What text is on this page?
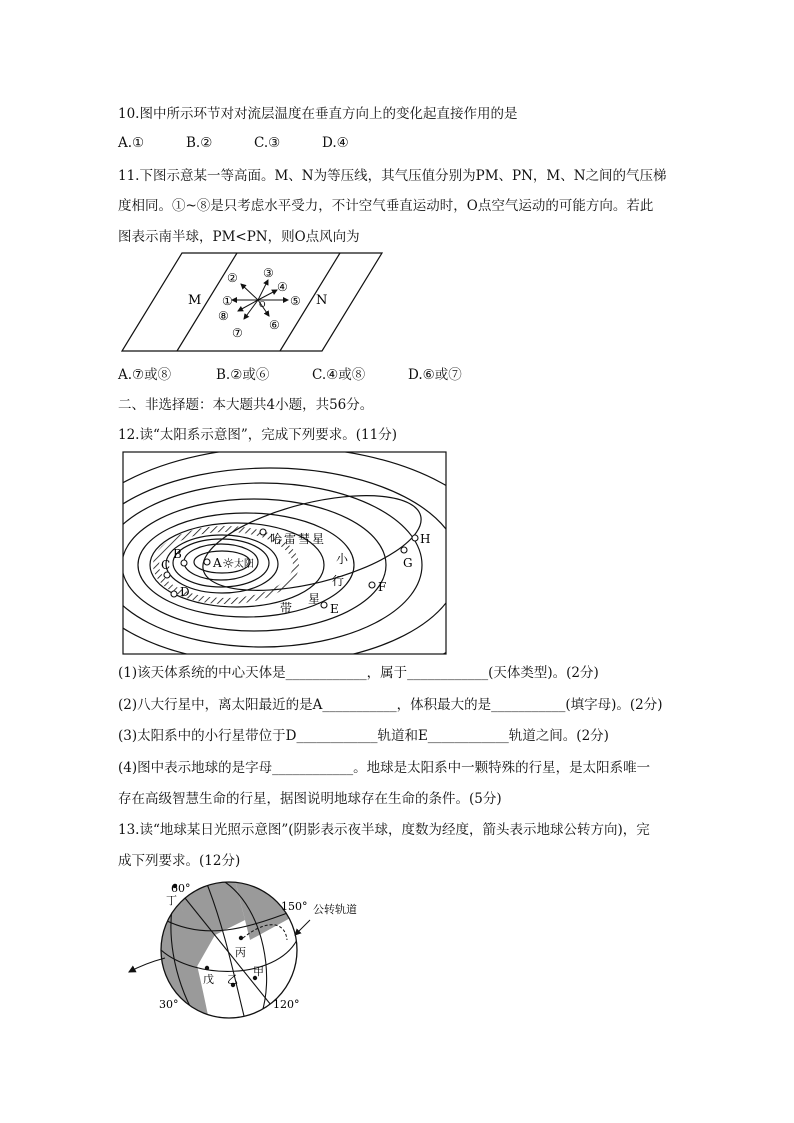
10.图中所示环节对对流层温度在垂直方向上的变化起直接作用的是
A.①	B.②	C.③	D.④
11.下图示意某一等高面。M、N为等压线，其气压值分别为PM、PN，M、N之间的气压梯
度相同。①~⑧是只考虑水平受力，不计空气垂直运动时，O点空气运动的可能方向。若此
图表示南半球，PM<PN，则O点风向为
M	N
O
①
② ③
④
⑤
⑥
⑦
⑧
A.⑦或⑧	B.②或⑥	C.④或⑧	D.⑥或⑦
二、非选择题：本大题共4小题，共56分。
12.读“太阳系示意图”，完成下列要求。(11分)
A ☼ 太阳
B
C
D
E
F
G
H
哈雷彗星
小
行
星
带
(1)该天体系统的中心天体是____________，属于____________(天体类型)。(2分)
(2)八大行星中，离太阳最近的是A___________，体积最大的是___________(填字母)。(2分)
(3)太阳系中的小行星带位于D____________轨道和E____________轨道之间。(2分)
(4)图中表示地球的是字母____________。地球是太阳系中一颗特殊的行星，是太阳系唯一
存在高级智慧生命的行星，据图说明地球存在生命的条件。(5分)
13.读“地球某日光照示意图”(阴影表示夜半球，度数为经度，箭头表示地球公转方向)，完
成下列要求。(12分)
60°
150° 公转轨道
30°	120°
丁
丙
戊 乙
甲
